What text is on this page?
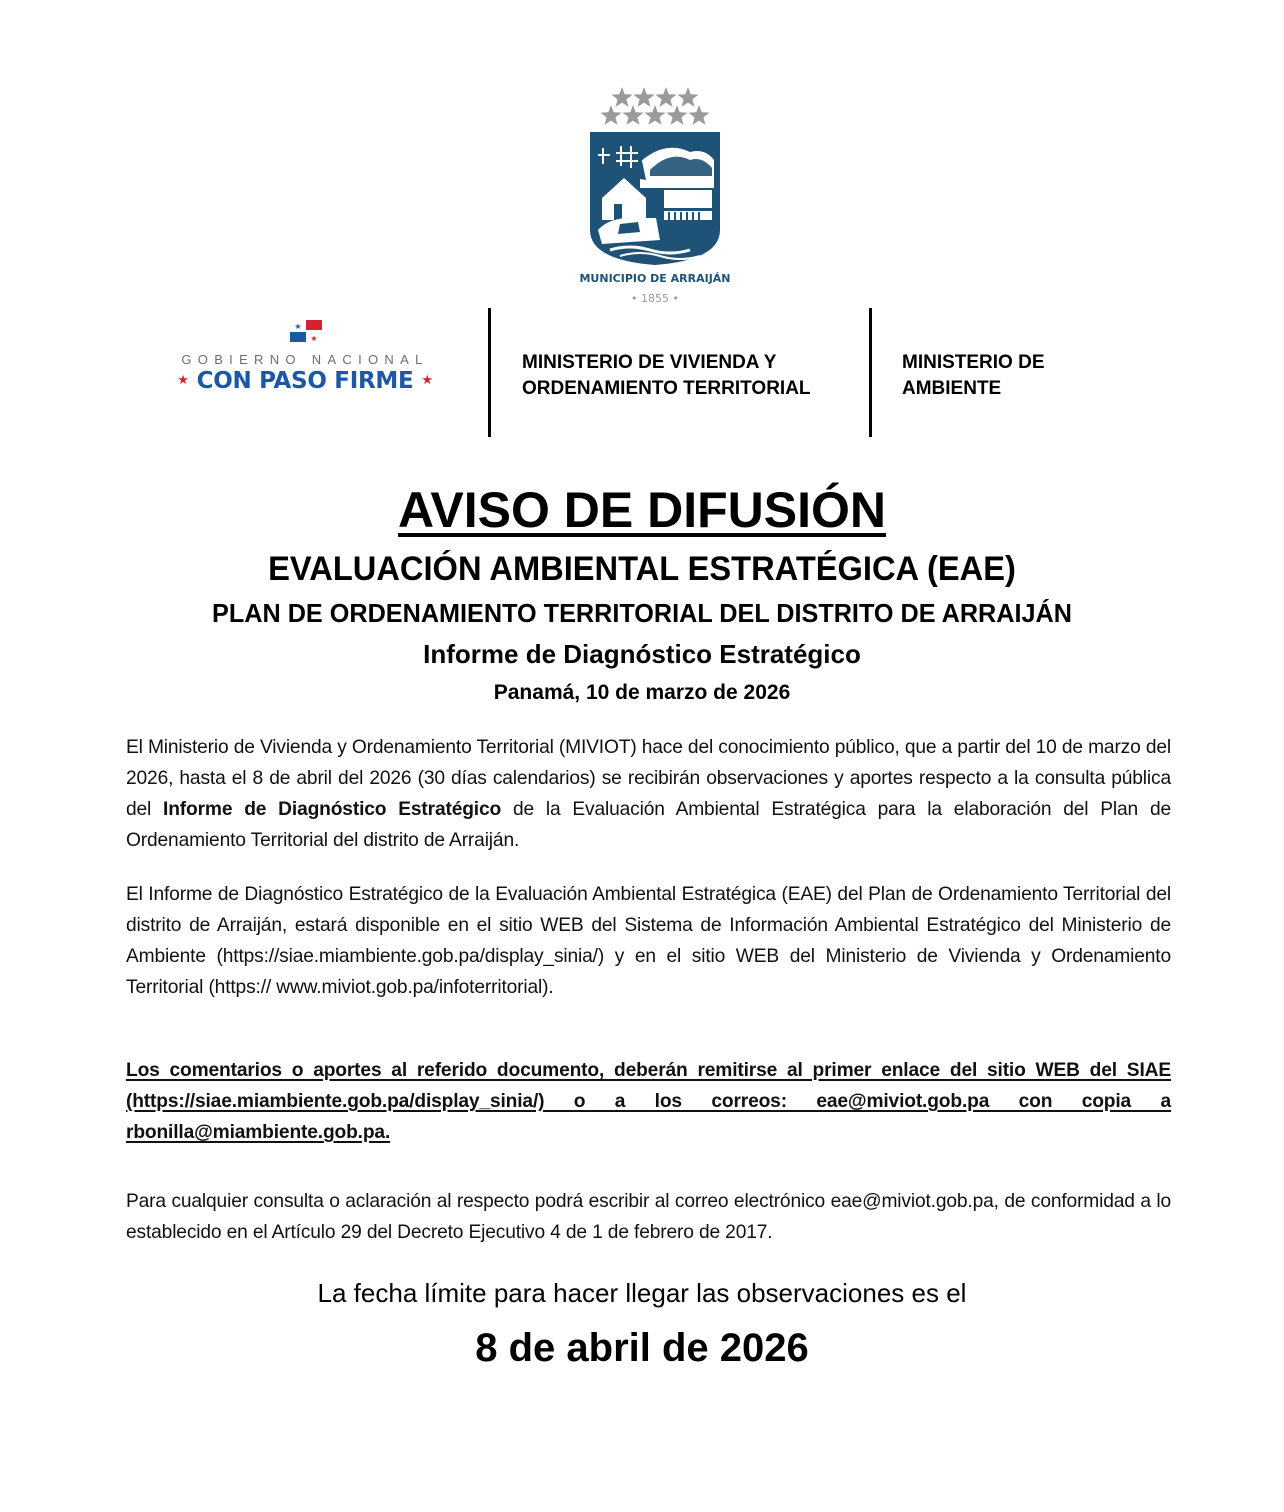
MUNICIPIO DE ARRAIJÁN
• 1855 •
★
★
GOBIERNO NACIONAL
★ CON PASO FIRME ★
MINISTERIO DE VIVIENDA Y
ORDENAMIENTO TERRITORIAL
MINISTERIO DE
AMBIENTE
AVISO DE DIFUSIÓN
EVALUACIÓN AMBIENTAL ESTRATÉGICA (EAE)
PLAN DE ORDENAMIENTO TERRITORIAL DEL DISTRITO DE ARRAIJÁN
Informe de Diagnóstico Estratégico
Panamá, 10 de marzo de 2026
El Ministerio de Vivienda y Ordenamiento Territorial (MIVIOT) hace del conocimiento público, que a partir del 10 de marzo del 2026, hasta el 8 de abril del 2026 (30 días calendarios) se recibirán observaciones y aportes respecto a la consulta pública del Informe de Diagnóstico Estratégico de la Evaluación Ambiental Estratégica para la elaboración del Plan de Ordenamiento Territorial del distrito de Arraiján.
El Informe de Diagnóstico Estratégico de la Evaluación Ambiental Estratégica (EAE) del Plan de Ordenamiento Territorial del distrito de Arraiján, estará disponible en el sitio WEB del Sistema de Información Ambiental Estratégico del Ministerio de Ambiente (https://siae.miambiente.gob.pa/display_sinia/) y en el sitio WEB del Ministerio de Vivienda y Ordenamiento Territorial (https:// www.miviot.gob.pa/infoterritorial).
Los comentarios o aportes al referido documento, deberán remitirse al primer enlace del sitio WEB del SIAE (https://siae.miambiente.gob.pa/display_sinia/) o a los correos: eae@miviot.gob.pa con copia a rbonilla@miambiente.gob.pa.
Para cualquier consulta o aclaración al respecto podrá escribir al correo electrónico eae@miviot.gob.pa, de conformidad a lo establecido en el Artículo 29 del Decreto Ejecutivo 4 de 1 de febrero de 2017.
La fecha límite para hacer llegar las observaciones es el
8 de abril de 2026
